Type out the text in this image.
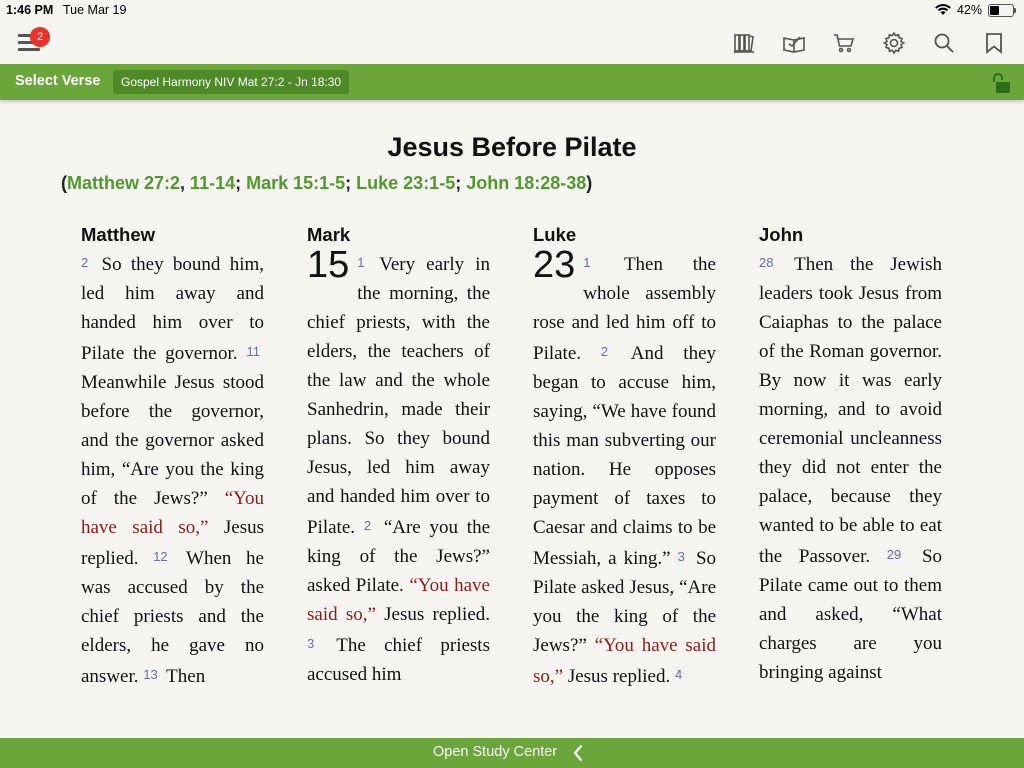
1:46 PM Tue Mar 19	42%
2
Select Verse	Gospel Harmony NIV Mat 27:2 - Jn 18:30
Jesus Before Pilate
(Matthew 27:2, 11-14; Mark 15:1-5; Luke 23:1-5; John 18:28-38)
Matthew
2 So they bound him, led him away and handed him over to Pilate the governor. 11 Meanwhile Jesus stood before the governor, and the governor asked him, “Are you the king of the Jews?” “You have said so,” Jesus replied. 12 When he was accused by the chief priests and the elders, he gave no answer. 13 Then
Mark
15 1 Very early in the morning, the chief priests, with the elders, the teachers of the law and the whole Sanhedrin, made their plans. So they bound Jesus, led him away and handed him over to Pilate. 2 “Are you the king of the Jews?” asked Pilate. “You have said so,” Jesus replied. 3 The chief priests accused him
Luke
23 1 Then the whole assembly rose and led him off to Pilate. 2 And they began to accuse him, saying, “We have found this man subverting our nation. He opposes payment of taxes to Caesar and claims to be Messiah, a king.” 3 So Pilate asked Jesus, “Are you the king of the Jews?” “You have said so,” Jesus replied. 4
John
28 Then the Jewish leaders took Jesus from Caiaphas to the palace of the Roman governor. By now it was early morning, and to avoid ceremonial uncleanness they did not enter the palace, because they wanted to be able to eat the Passover. 29 So Pilate came out to them and asked, “What charges are you bringing against
Open Study Center
